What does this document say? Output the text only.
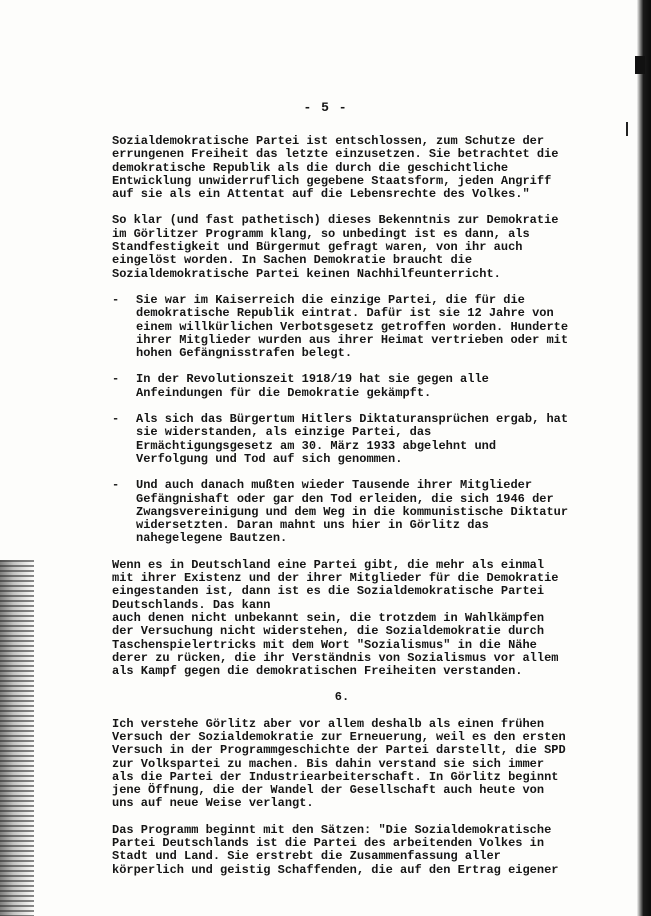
- 5 -
Sozialdemokratische Partei ist entschlossen, zum Schutze der
errungenen Freiheit das letzte einzusetzen. Sie betrachtet die
demokratische Republik als die durch die geschichtliche
Entwicklung unwiderruflich gegebene Staatsform, jeden Angriff
auf sie als ein Attentat auf die Lebensrechte des Volkes."
So klar (und fast pathetisch) dieses Bekenntnis zur Demokratie
im Görlitzer Programm klang, so unbedingt ist es dann, als
Standfestigkeit und Bürgermut gefragt waren, von ihr auch
eingelöst worden. In Sachen Demokratie braucht die
Sozialdemokratische Partei keinen Nachhilfeunterricht.
- Sie war im Kaiserreich die einzige Partei, die für die
demokratische Republik eintrat. Dafür ist sie 12 Jahre von
einem willkürlichen Verbotsgesetz getroffen worden. Hunderte
ihrer Mitglieder wurden aus ihrer Heimat vertrieben oder mit
hohen Gefängnisstrafen belegt.
- In der Revolutionszeit 1918/19 hat sie gegen alle
Anfeindungen für die Demokratie gekämpft.
- Als sich das Bürgertum Hitlers Diktaturansprüchen ergab, hat
sie widerstanden, als einzige Partei, das
Ermächtigungsgesetz am 30. März 1933 abgelehnt und
Verfolgung und Tod auf sich genommen.
- Und auch danach mußten wieder Tausende ihrer Mitglieder
Gefängnishaft oder gar den Tod erleiden, die sich 1946 der
Zwangsvereinigung und dem Weg in die kommunistische Diktatur
widersetzten. Daran mahnt uns hier in Görlitz das
nahegelegene Bautzen.
Wenn es in Deutschland eine Partei gibt, die mehr als einmal
mit ihrer Existenz und der ihrer Mitglieder für die Demokratie
eingestanden ist, dann ist es die Sozialdemokratische Partei
Deutschlands. Das kann
auch denen nicht unbekannt sein, die trotzdem in Wahlkämpfen
der Versuchung nicht widerstehen, die Sozialdemokratie durch
Taschenspielertricks mit dem Wort "Sozialismus" in die Nähe
derer zu rücken, die ihr Verständnis von Sozialismus vor allem
als Kampf gegen die demokratischen Freiheiten verstanden.
6.
Ich verstehe Görlitz aber vor allem deshalb als einen frühen
Versuch der Sozialdemokratie zur Erneuerung, weil es den ersten
Versuch in der Programmgeschichte der Partei darstellt, die SPD
zur Volkspartei zu machen. Bis dahin verstand sie sich immer
als die Partei der Industriearbeiterschaft. In Görlitz beginnt
jene Öffnung, die der Wandel der Gesellschaft auch heute von
uns auf neue Weise verlangt.
Das Programm beginnt mit den Sätzen: "Die Sozialdemokratische
Partei Deutschlands ist die Partei des arbeitenden Volkes in
Stadt und Land. Sie erstrebt die Zusammenfassung aller
körperlich und geistig Schaffenden, die auf den Ertrag eigener
